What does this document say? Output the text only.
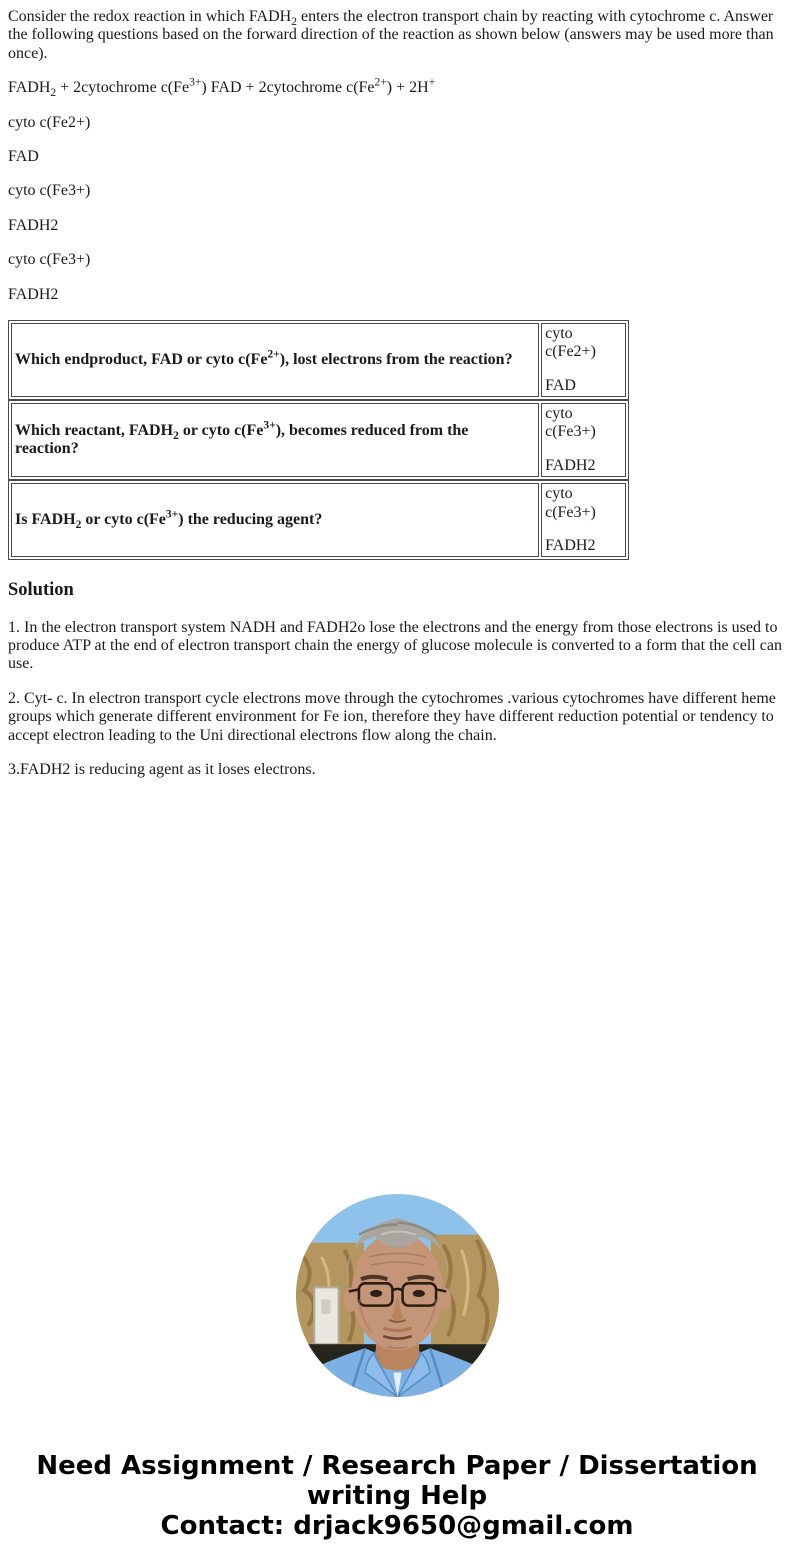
Consider the redox reaction in which $FADH_2$ enters the electron transport chain by reacting with cytochrome c. Answer the following questions based on the forward direction of the reaction as shown below (answers may be used more than once).

$FADH_2$ + 2cytochrome $c(Fe^{3+})$ FAD + 2cytochrome $c(Fe^{2+}) + 2H^+$

cyto c(Fe2+)

FAD

cyto c(Fe3+)

FADH2

cyto c(Fe3+)

FADH2

Which endproduct, FAD or cyto $c(Fe^{2+})$, lost electrons from the reaction?	
cyto c(Fe2+)
FAD
Which reactant, $FADH_2$ or cyto $c(Fe^{3+})$, becomes reduced from the reaction?	
cyto c(Fe3+)
FADH2
Is $FADH_2$ or cyto $c(Fe^{3+})$ the reducing agent?	
cyto c(Fe3+)
FADH2
Solution

1. In the electron transport system NADH and FADH2o lose the electrons and the energy from those electrons is used to produce ATP at the end of electron transport chain the energy of glucose molecule is converted to a form that the cell can use.

2. Cyt- c. In electron transport cycle electrons move through the cytochromes .various cytochromes have different heme groups which generate different environment for Fe ion, therefore they have different reduction potential or tendency to accept electron leading to the Uni directional electrons flow along the chain.

3.FADH2 is reducing agent as it loses electrons.

Need Assignment / Research Paper / Dissertation
writing Help
Contact: drjack9650@gmail.com
